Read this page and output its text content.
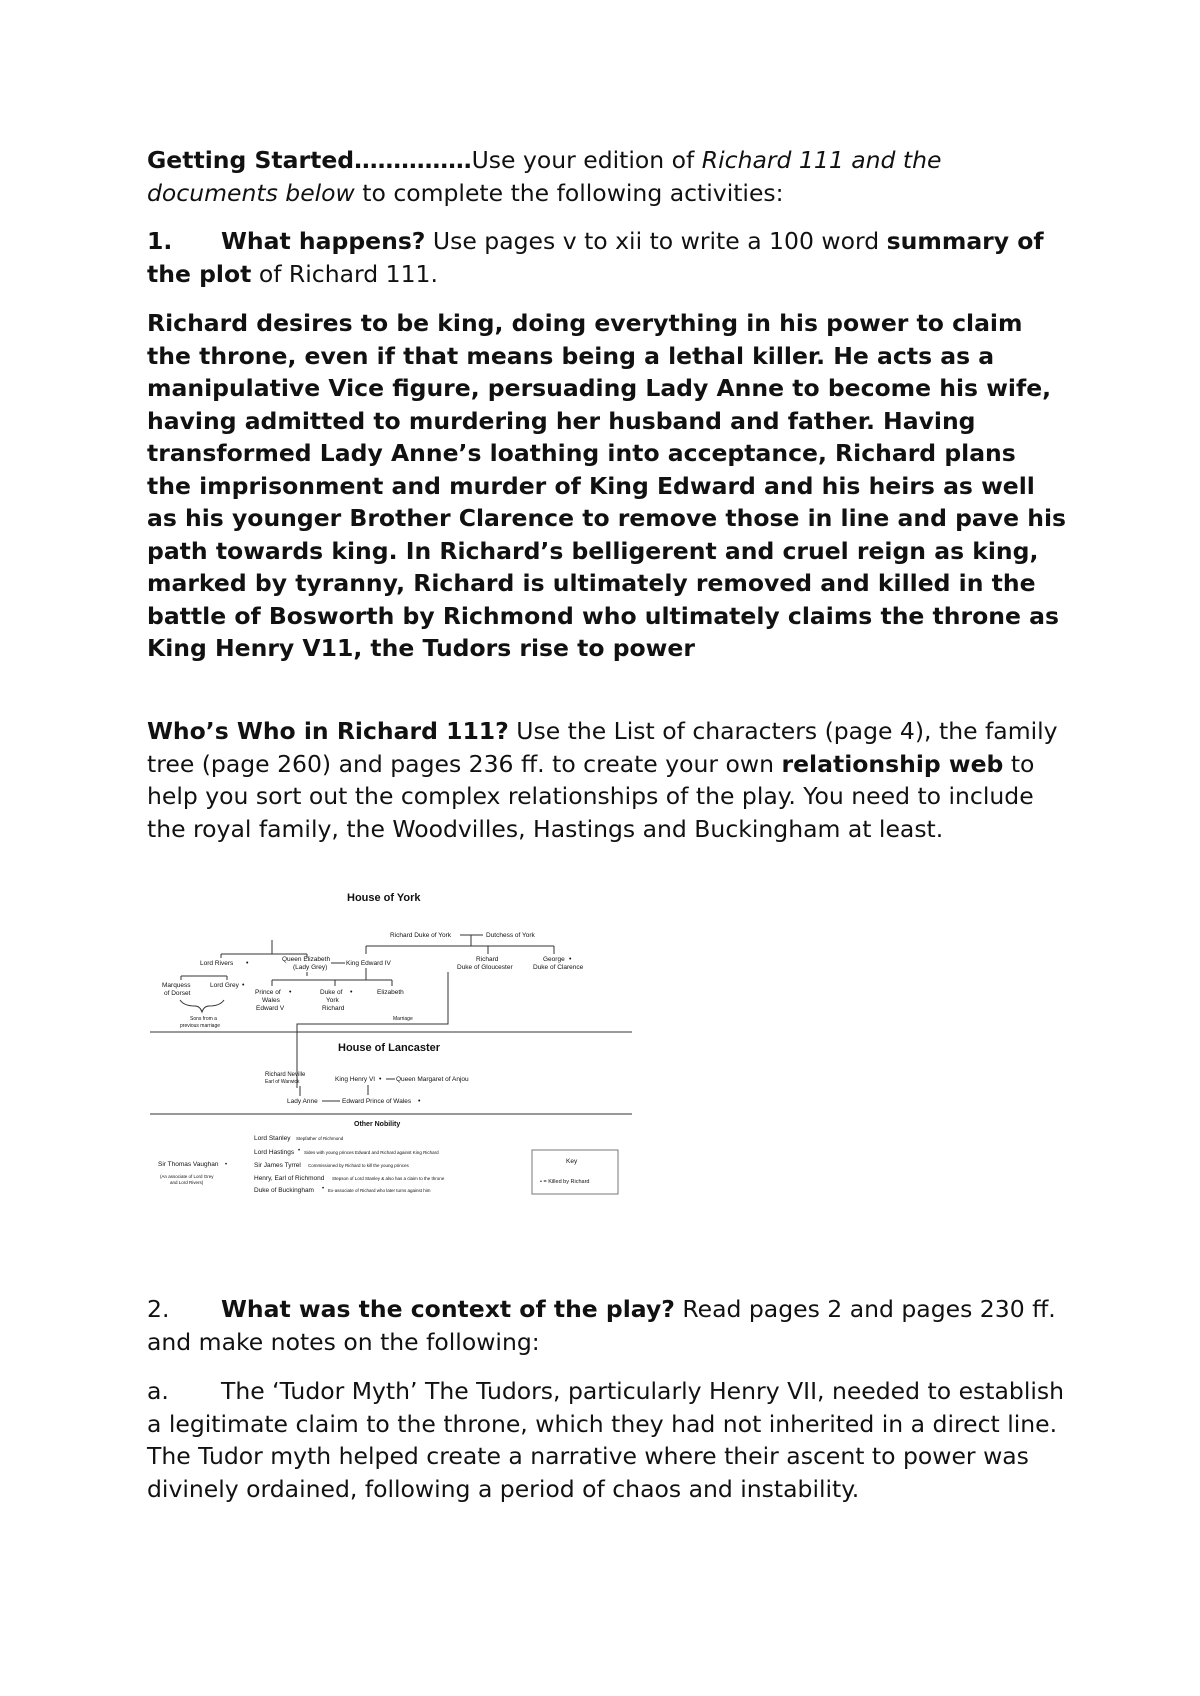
Getting Started……………Use your edition of Richard 111 and the documents below to complete the following activities:

1. What happens? Use pages v to xii to write a 100 word summary of the plot of Richard 111.

Richard desires to be king, doing everything in his power to claim the throne, even if that means being a lethal killer. He acts as a manipulative Vice figure, persuading Lady Anne to become his wife, having admitted to murdering her husband and father. Having transformed Lady Anne’s loathing into acceptance, Richard plans the imprisonment and murder of King Edward and his heirs as well as his younger Brother Clarence to remove those in line and pave his path towards king. In Richard’s belligerent and cruel reign as king, marked by tyranny, Richard is ultimately removed and killed in the battle of Bosworth by Richmond who ultimately claims the throne as King Henry V11, the Tudors rise to power

Who’s Who in Richard 111? Use the List of characters (page 4), the family tree (page 260) and pages 236 ff. to create your own relationship web to help you sort out the complex relationships of the play. You need to include the royal family, the Woodvilles, Hastings and Buckingham at least.

House of York
Richard Duke of York	Dutchess of York
Lord Rivers •
Queen Elizabeth
(Lady Grey)
King Edward IV
Richard
Duke of Gloucester
George •
Duke of Clarence
Marquess
of Dorset
Lord Grey •
Sons from a
previous marriage
Prince of •
Wales
Edward V
Duke of •
York
Richard
Elizabeth
Marriage
House of Lancaster
Richard Neville
Earl of Warwick	King Henry VI • Queen Margaret of Anjou
Lady Anne	Edward Prince of Wales •
Other Nobility
Lord Stanley Stepfather of Richmond
Lord Hastings • Sides with young princes Edward and Richard against King Richard
Sir Thomas Vaughan •
(An associate of Lord Grey
and Lord Rivers)
Sir James Tyrrel Commissioned by Richard to kill the young princes
Henry, Earl of Richmond Stepson of Lord Stanley & also has a claim to the throne
Duke of Buckingham • Ex-associate of Richard who later turns against him
Key
• = Killed by Richard

2. What was the context of the play? Read pages 2 and pages 230 ff. and make notes on the following:

a. The ‘Tudor Myth’ The Tudors, particularly Henry VII, needed to establish a legitimate claim to the throne, which they had not inherited in a direct line. The Tudor myth helped create a narrative where their ascent to power was divinely ordained, following a period of chaos and instability.
